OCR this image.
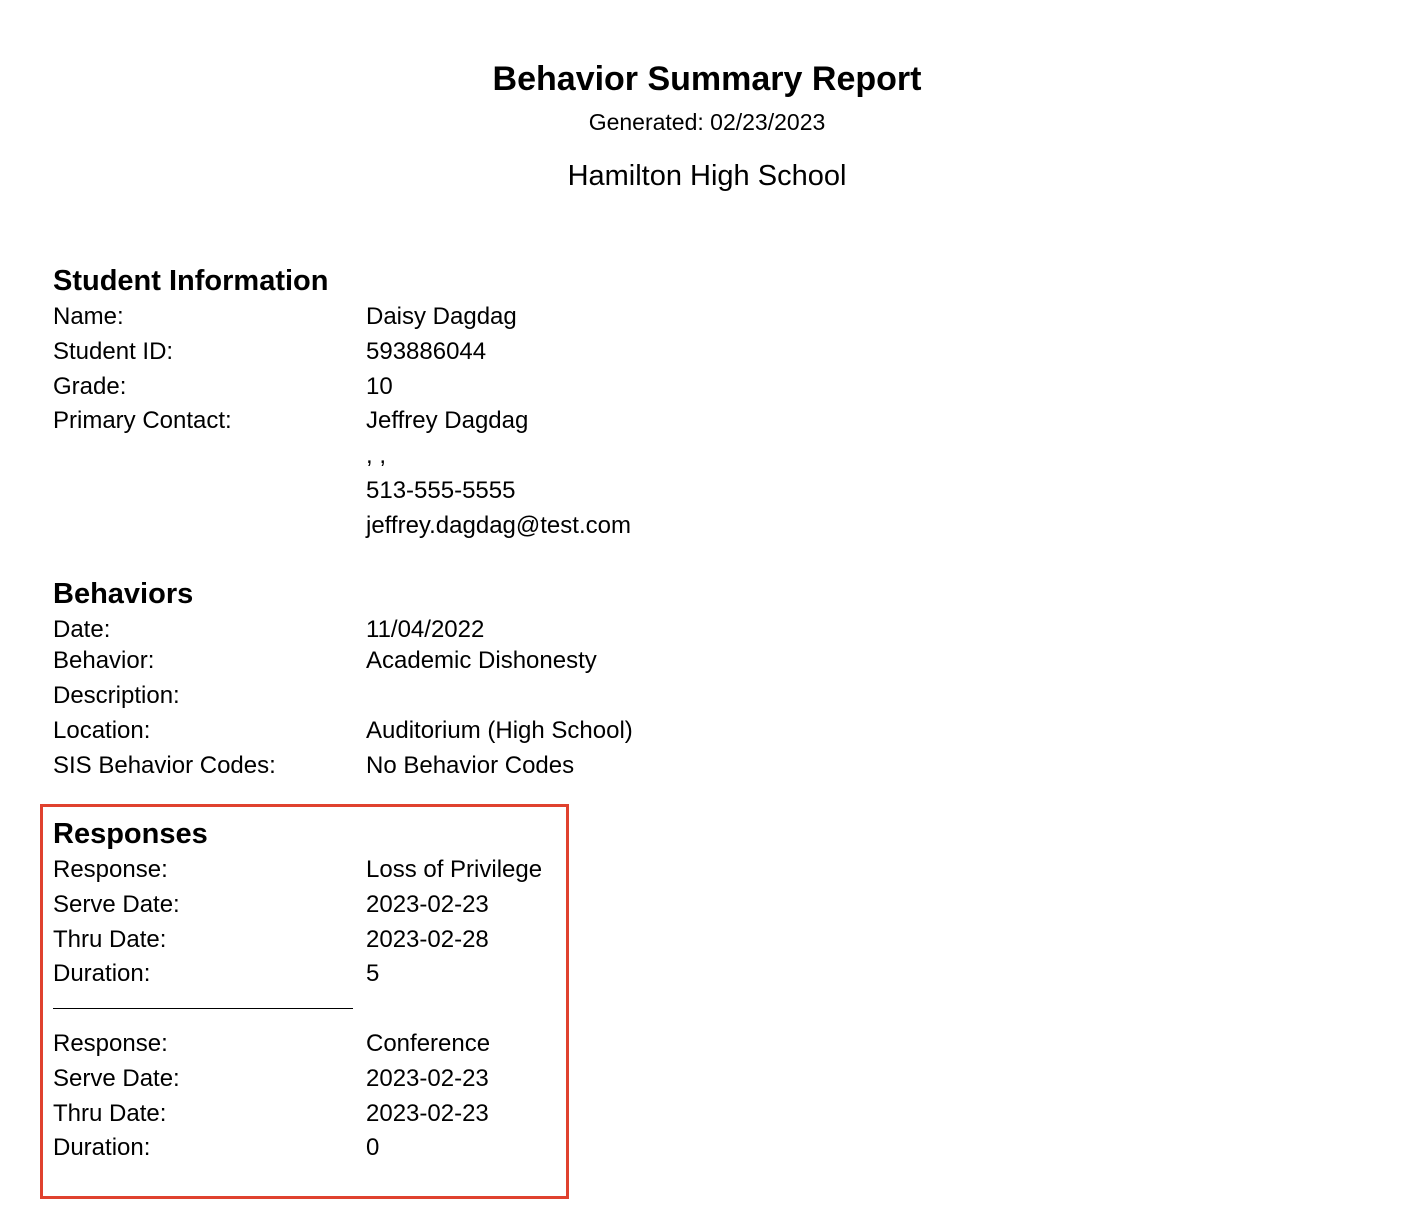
Behavior Summary Report
Generated: 02/23/2023
Hamilton High School
Student Information
Name:	Daisy Dagdag
Student ID:	593886044
Grade:	10
Primary Contact:	Jeffrey Dagdag
, ,
513-555-5555
jeffrey.dagdag@test.com
Behaviors
Date:	11/04/2022
Behavior:	Academic Dishonesty
Description:
Location:	Auditorium (High School)
SIS Behavior Codes:	No Behavior Codes
Responses
Response:	Loss of Privilege
Serve Date:	2023-02-23
Thru Date:	2023-02-28
Duration:	5
Response:	Conference
Serve Date:	2023-02-23
Thru Date:	2023-02-23
Duration:	0
